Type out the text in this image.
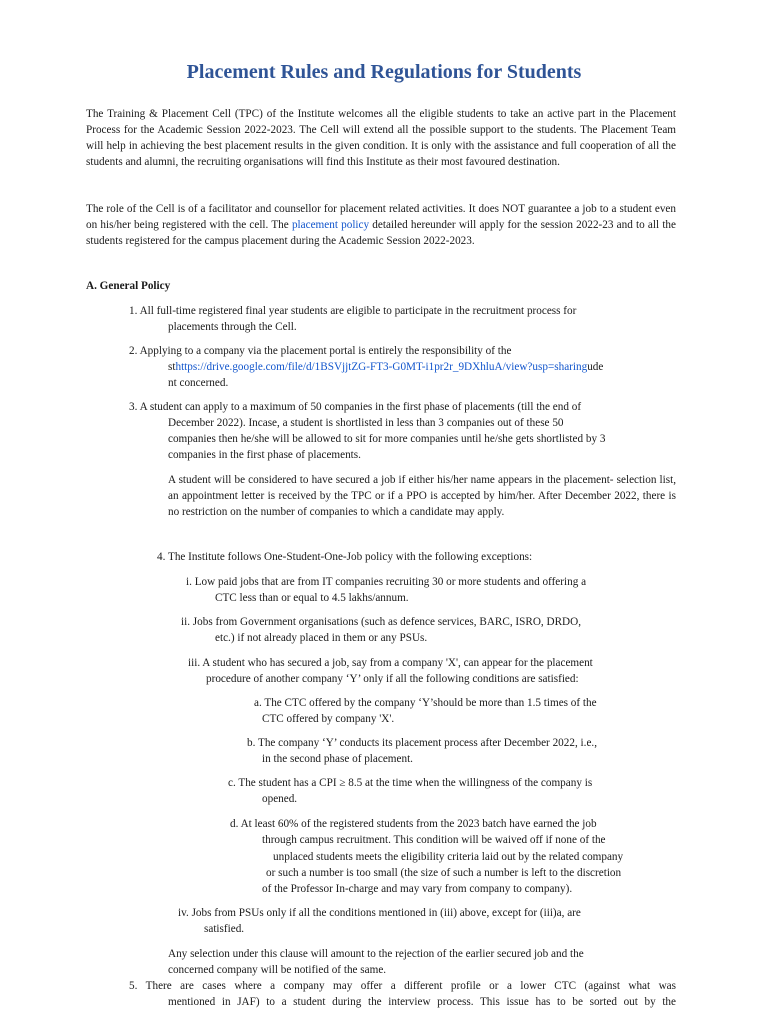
Placement Rules and Regulations for Students
The Training & Placement Cell (TPC) of the Institute welcomes all the eligible students to take an active part in the Placement Process for the Academic Session 2022-2023. The Cell will extend all the possible support to the students. The Placement Team will help in achieving the best placement results in the given condition. It is only with the assistance and full cooperation of all the students and alumni, the recruiting organisations will find this Institute as their most favoured destination.
The role of the Cell is of a facilitator and counsellor for placement related activities. It does NOT guarantee a job to a student even on his/her being registered with the cell. The placement policy detailed hereunder will apply for the session 2022-23 and to all the students registered for the campus placement during the Academic Session 2022-2023.
A. General Policy
1. All full-time registered final year students are eligible to participate in the recruitment process for
placements through the Cell.
2. Applying to a company via the placement portal is entirely the responsibility of the
sthttps://drive.google.com/file/d/1BSVjjtZG-FT3-G0MT-i1pr2r_9DXhluA/view?usp=sharingude
nt concerned.
3. A student can apply to a maximum of 50 companies in the first phase of placements (till the end of
December 2022). Incase, a student is shortlisted in less than 3 companies out of these 50
companies then he/she will be allowed to sit for more companies until he/she gets shortlisted by 3
companies in the first phase of placements.
A student will be considered to have secured a job if either his/her name appears in the placement- selection list, an appointment letter is received by the TPC or if a PPO is accepted by him/her. After December 2022, there is no restriction on the number of companies to which a candidate may apply.
4. The Institute follows One-Student-One-Job policy with the following exceptions:
i. Low paid jobs that are from IT companies recruiting 30 or more students and offering a
CTC less than or equal to 4.5 lakhs/annum.
ii. Jobs from Government organisations (such as defence services, BARC, ISRO, DRDO,
etc.) if not already placed in them or any PSUs.
iii. A student who has secured a job, say from a company 'X', can appear for the placement
procedure of another company ‘Y’ only if all the following conditions are satisfied:
a. The CTC offered by the company ‘Y’should be more than 1.5 times of the
CTC offered by company 'X'.
b. The company ‘Y’ conducts its placement process after December 2022, i.e.,
in the second phase of placement.
c. The student has a CPI ≥ 8.5 at the time when the willingness of the company is
opened.
d. At least 60% of the registered students from the 2023 batch have earned the job
through campus recruitment. This condition will be waived off if none of the
unplaced students meets the eligibility criteria laid out by the related company
or such a number is too small (the size of such a number is left to the discretion
of the Professor In-charge and may vary from company to company).
iv. Jobs from PSUs only if all the conditions mentioned in (iii) above, except for (iii)a, are
satisfied.
Any selection under this clause will amount to the rejection of the earlier secured job and the
concerned company will be notified of the same.
5. There are cases where a company may offer a different profile or a lower CTC (against what was
mentioned in JAF) to a student during the interview process. This issue has to be sorted out by the
